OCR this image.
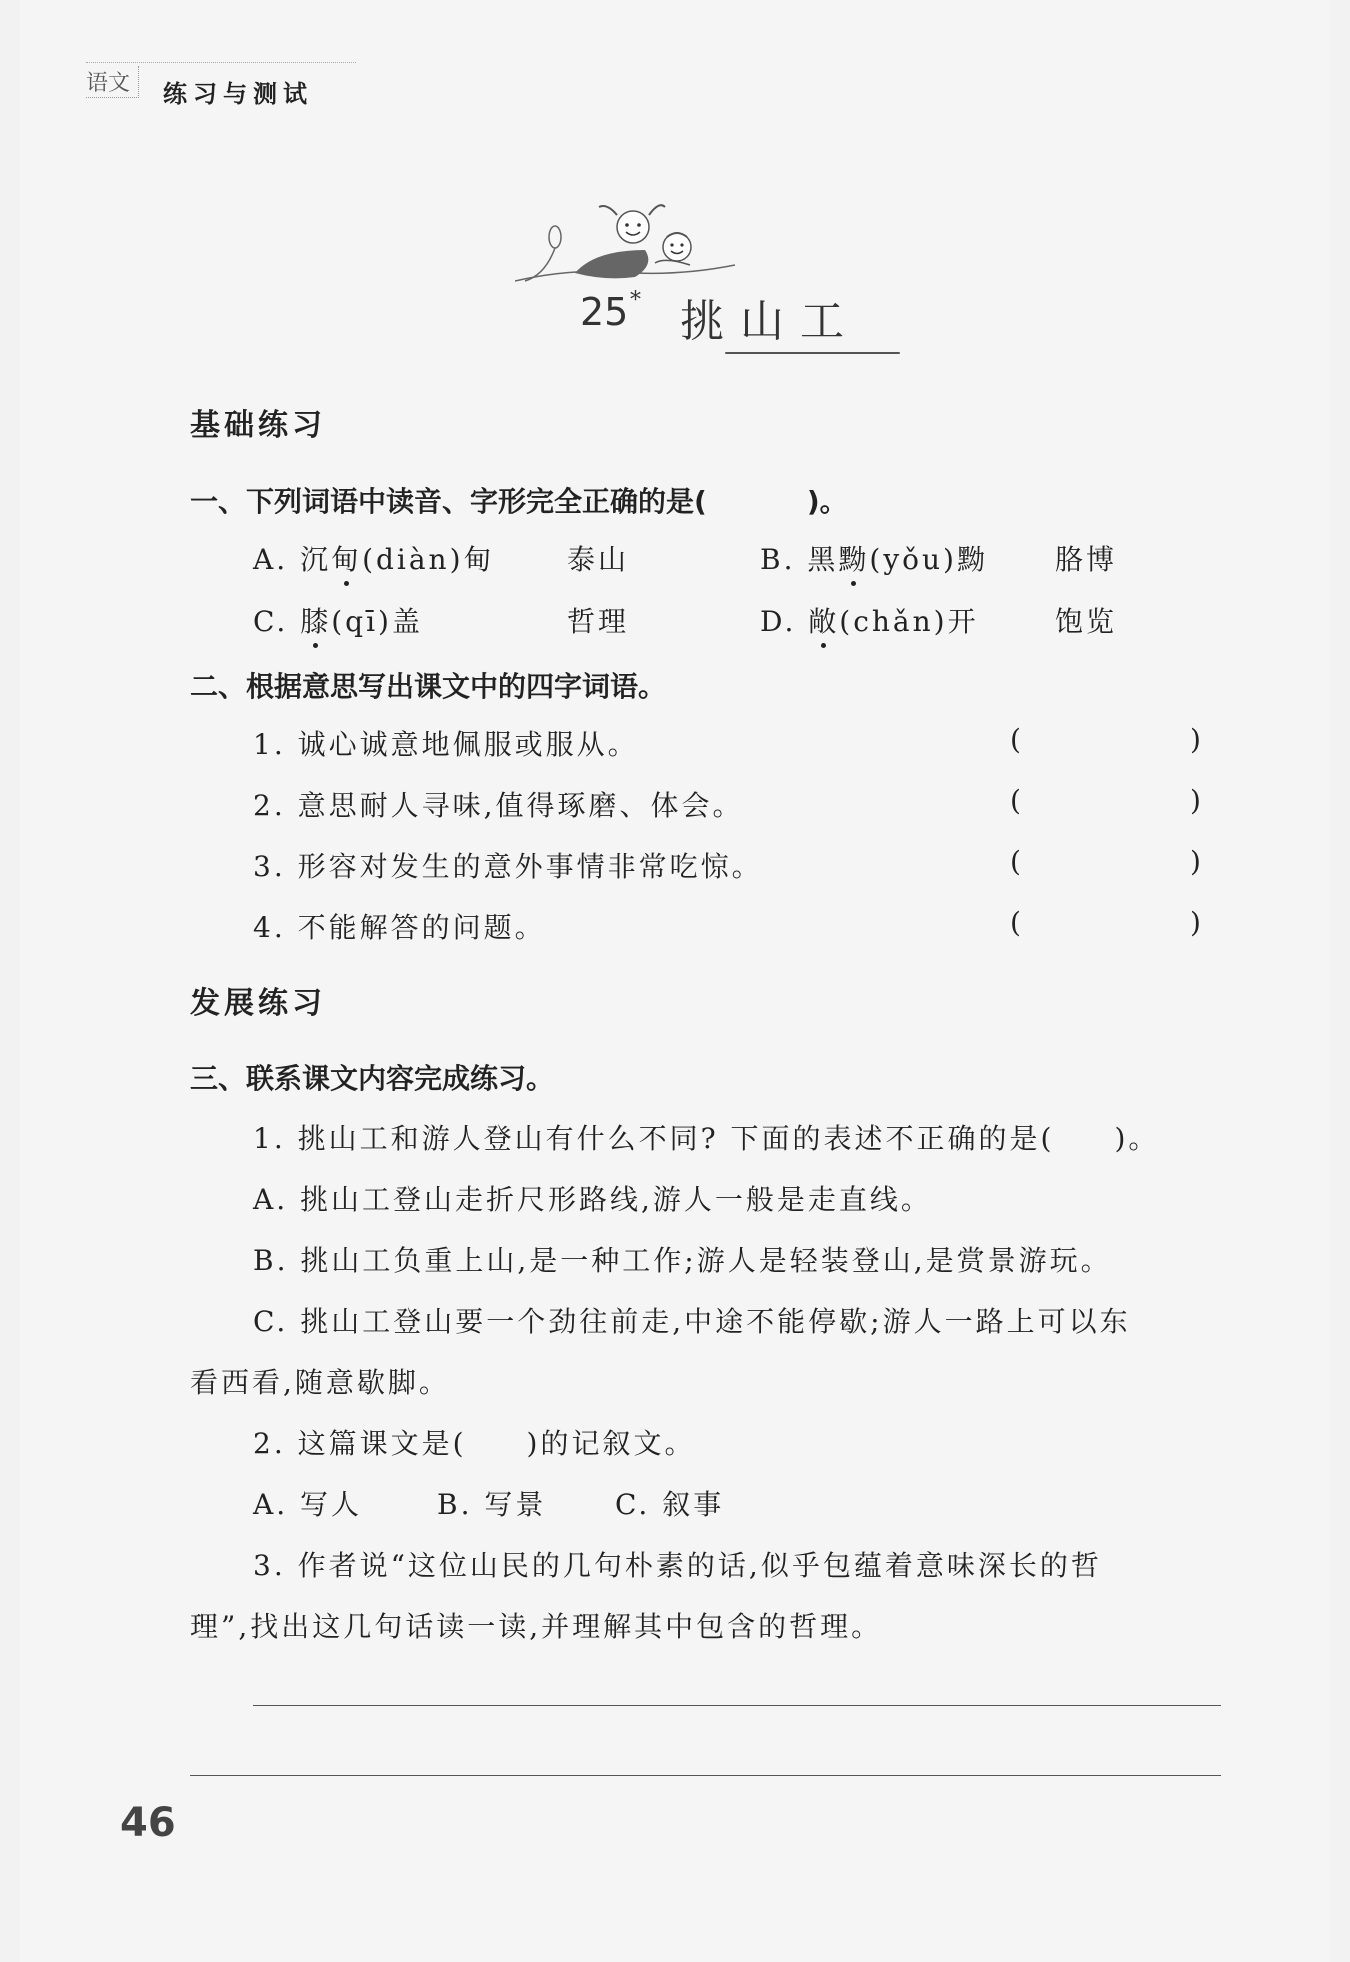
语文	练习与测试
25 * 挑山工
基础练习
一、下列词语中读音、字形完全正确的是(	)。
A. 沉甸(diàn)甸	泰山	B. 黑黝(yǒu)黝 胳博
C. 膝(qī)盖	哲理	D. 敞(chǎn)开	饱览
二、根据意思写出课文中的四字词语。
1. 诚心诚意地佩服或服从。	(	)
2. 意思耐人寻味,值得琢磨、体会。	(	)
3. 形容对发生的意外事情非常吃惊。	(	)
4. 不能解答的问题。	(	)
发展练习
三、联系课文内容完成练习。
1. 挑山工和游人登山有什么不同? 下面的表述不正确的是( )。
A. 挑山工登山走折尺形路线,游人一般是走直线。
B. 挑山工负重上山,是一种工作;游人是轻装登山,是赏景游玩。
C. 挑山工登山要一个劲往前走,中途不能停歇;游人一路上可以东
看西看,随意歇脚。
2. 这篇课文是( )的记叙文。
A. 写人	B. 写景 C. 叙事
3. 作者说“这位山民的几句朴素的话,似乎包蕴着意味深长的哲
理”,找出这几句话读一读,并理解其中包含的哲理。
46
